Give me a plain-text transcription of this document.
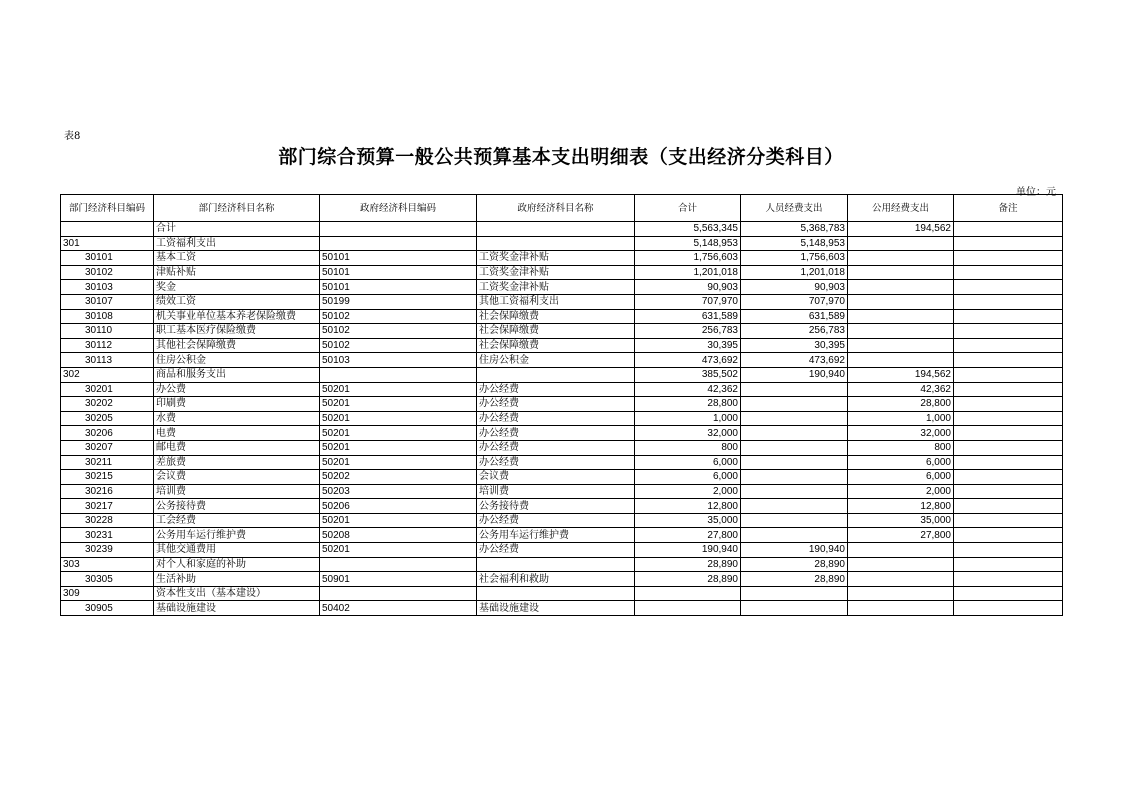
表8
部门综合预算一般公共预算基本支出明细表（支出经济分类科目）
单位：元
部门经济科目编码	部门经济科目名称	政府经济科目编码	政府经济科目名称	合计	人员经费支出	公用经费支出	备注
	合计			5,563,345	5,368,783	194,562	
301	工资福利支出			5,148,953	5,148,953		
30101	基本工资	50101	工资奖金津补贴	1,756,603	1,756,603		
30102	津贴补贴	50101	工资奖金津补贴	1,201,018	1,201,018		
30103	奖金	50101	工资奖金津补贴	90,903	90,903		
30107	绩效工资	50199	其他工资福利支出	707,970	707,970		
30108	机关事业单位基本养老保险缴费	50102	社会保障缴费	631,589	631,589		
30110	职工基本医疗保险缴费	50102	社会保障缴费	256,783	256,783		
30112	其他社会保障缴费	50102	社会保障缴费	30,395	30,395		
30113	住房公积金	50103	住房公积金	473,692	473,692		
302	商品和服务支出			385,502	190,940	194,562	
30201	办公费	50201	办公经费	42,362		42,362	
30202	印刷费	50201	办公经费	28,800		28,800	
30205	水费	50201	办公经费	1,000		1,000	
30206	电费	50201	办公经费	32,000		32,000	
30207	邮电费	50201	办公经费	800		800	
30211	差旅费	50201	办公经费	6,000		6,000	
30215	会议费	50202	会议费	6,000		6,000	
30216	培训费	50203	培训费	2,000		2,000	
30217	公务接待费	50206	公务接待费	12,800		12,800	
30228	工会经费	50201	办公经费	35,000		35,000	
30231	公务用车运行维护费	50208	公务用车运行维护费	27,800		27,800	
30239	其他交通费用	50201	办公经费	190,940	190,940		
303	对个人和家庭的补助			28,890	28,890		
30305	生活补助	50901	社会福利和救助	28,890	28,890		
309	资本性支出（基本建设）						
30905	基础设施建设	50402	基础设施建设				
